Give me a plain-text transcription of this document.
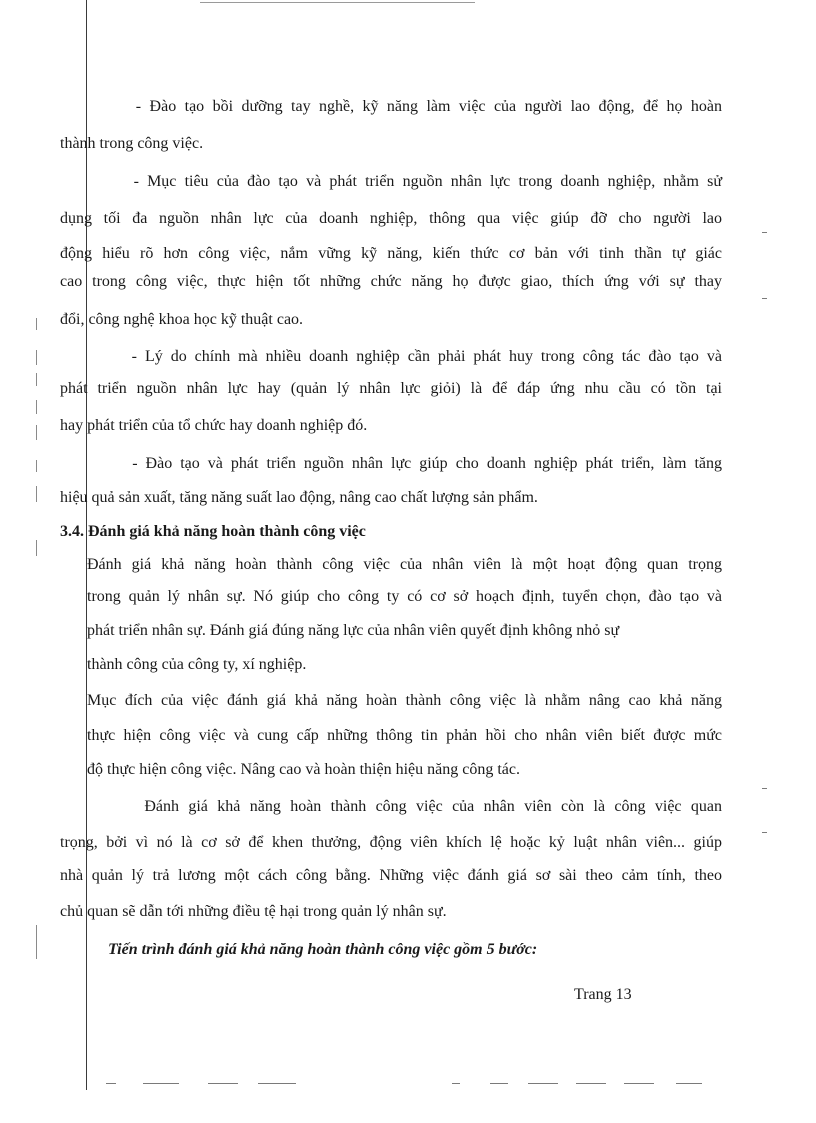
- Đào tạo bồi dưỡng tay nghề, kỹ năng làm việc của người lao động, để họ hoàn
thành trong công việc.
- Mục tiêu của đào tạo và phát triển nguồn nhân lực trong doanh nghiệp, nhằm sử
dụng tối đa nguồn nhân lực của doanh nghiệp, thông qua việc giúp đỡ cho người lao
động hiểu rõ hơn công việc, nắm vững kỹ năng, kiến thức cơ bản với tinh thần tự giác
cao trong công việc, thực hiện tốt những chức năng họ được giao, thích ứng với sự thay
đổi, công nghệ khoa học kỹ thuật cao.
- Lý do chính mà nhiều doanh nghiệp cần phải phát huy trong công tác đào tạo và
phát triển nguồn nhân lực hay (quản lý nhân lực giỏi) là để đáp ứng nhu cầu có tồn tại
hay phát triển của tổ chức hay doanh nghiệp đó.
- Đào tạo và phát triển nguồn nhân lực giúp cho doanh nghiệp phát triển, làm tăng
hiệu quả sản xuất, tăng năng suất lao động, nâng cao chất lượng sản phẩm.
3.4. Đánh giá khả năng hoàn thành công việc
Đánh giá khả năng hoàn thành công việc của nhân viên là một hoạt động quan trọng
trong quản lý nhân sự. Nó giúp cho công ty có cơ sở hoạch định, tuyển chọn, đào tạo và
phát triển nhân sự. Đánh giá đúng năng lực của nhân viên quyết định không nhỏ sự
thành công của công ty, xí nghiệp.
Mục đích của việc đánh giá khả năng hoàn thành công việc là nhằm nâng cao khả năng
thực hiện công việc và cung cấp những thông tin phản hồi cho nhân viên biết được mức
độ thực hiện công việc. Nâng cao và hoàn thiện hiệu năng công tác.
Đánh giá khả năng hoàn thành công việc của nhân viên còn là công việc quan
trọng, bởi vì nó là cơ sở để khen thưởng, động viên khích lệ hoặc kỷ luật nhân viên... giúp
nhà quản lý trả lương một cách công bằng. Những việc đánh giá sơ sài theo cảm tính, theo
chủ quan sẽ dẫn tới những điều tệ hại trong quản lý nhân sự.
Tiến trình đánh giá khả năng hoàn thành công việc gồm 5 bước:
Trang 13
